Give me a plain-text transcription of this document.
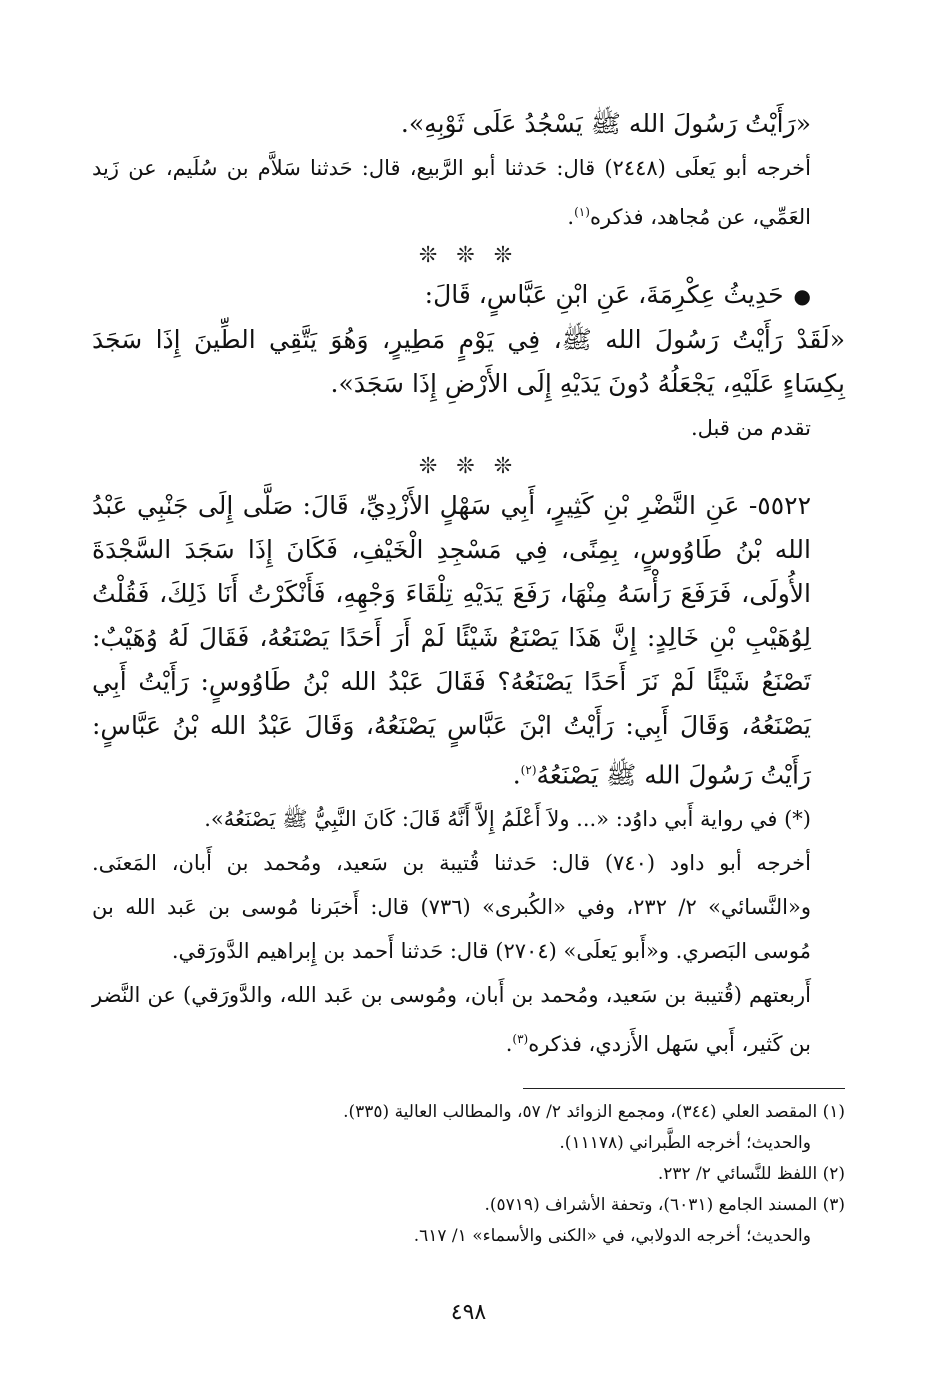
«رَأَيْتُ رَسُولَ الله ﷺ يَسْجُدُ عَلَى ثَوْبِهِ».
أخرجه أبو يَعلَى (٢٤٤٨) قال: حَدثنا أبو الرَّبيع، قال: حَدثنا سَلاَّم بن سُلَيم، عن زَيد العَمِّي، عن مُجاهد، فذكره$^{(١)}$.
❊ ❊ ❊
●حَدِيثُ عِكْرِمَةَ، عَنِ ابْنِ عَبَّاسٍ، قَالَ:
«لَقَدْ رَأَيْتُ رَسُولَ الله ﷺ، فِي يَوْمٍ مَطِيرٍ، وَهُوَ يَتَّقِي الطِّينَ إِذَا سَجَدَ بِكِسَاءٍ عَلَيْهِ، يَجْعَلُهُ دُونَ يَدَيْهِ إِلَى الأَرْضِ إِذَا سَجَدَ».
تقدم من قبل.
❊ ❊ ❊
٥٥٢٢- عَنِ النَّضْرِ بْنِ كَثِيرٍ، أَبِي سَهْلٍ الأَزْدِيِّ، قَالَ: صَلَّى إِلَى جَنْبِي عَبْدُ الله بْنُ طَاوُوسٍ، بِمِنًى، فِي مَسْجِدِ الْخَيْفِ، فَكَانَ إِذَا سَجَدَ السَّجْدَةَ الأُولَى، فَرَفَعَ رَأْسَهُ مِنْهَا، رَفَعَ يَدَيْهِ تِلْقَاءَ وَجْهِهِ، فَأَنْكَرْتُ أَنَا ذَلِكَ، فَقُلْتُ لِوُهَيْبِ بْنِ خَالِدٍ: إِنَّ هَذَا يَصْنَعُ شَيْئًا لَمْ أَرَ أَحَدًا يَصْنَعُهُ، فَقَالَ لَهُ وُهَيْبٌ: تَصْنَعُ شَيْئًا لَمْ نَرَ أَحَدًا يَصْنَعُهُ؟ فَقَالَ عَبْدُ الله بْنُ طَاوُوسٍ: رَأَيْتُ أَبِي يَصْنَعُهُ، وَقَالَ أَبِي: رَأَيْتُ ابْنَ عَبَّاسٍ يَصْنَعُهُ، وَقَالَ عَبْدُ الله بْنُ عَبَّاسٍ: رَأَيْتُ رَسُولَ الله ﷺ يَصْنَعُهُ$^{(٢)}$.
(*) في رواية أَبي داوُد: «... ولاَ أَعْلَمُ إِلاَّ أَنَّهُ قَالَ: كَانَ النَّبِيُّ ﷺ يَصْنَعُهُ».
أخرجه أبو داود (٧٤٠) قال: حَدثنا قُتيبة بن سَعيد، ومُحمد بن أَبان، المَعنَى. و«النَّسائي» ٢/ ٢٣٢، وفي «الكُبرى» (٧٣٦) قال: أَخبَرنا مُوسى بن عَبد الله بن مُوسى البَصري. و«أَبو يَعلَى» (٢٧٠٤) قال: حَدثنا أَحمد بن إِبراهيم الدَّورَقي.
أَربعتهم (قُتيبة بن سَعيد، ومُحمد بن أَبان، ومُوسى بن عَبد الله، والدَّورَقي) عن النَّضر بن كَثير، أَبي سَهل الأَزدي، فذكره$^{(٣)}$.
(١) المقصد العلي (٣٤٤)، ومجمع الزوائد ٢/ ٥٧، والمطالب العالية (٣٣٥).
والحديث؛ أخرجه الطَّبراني (١١١٧٨).
(٢) اللفظ للنَّسائي ٢/ ٢٣٢.
(٣) المسند الجامع (٦٠٣١)، وتحفة الأشراف (٥٧١٩).
والحديث؛ أخرجه الدولابي، في «الكنى والأسماء» ١/ ٦١٧.
٤٩٨
